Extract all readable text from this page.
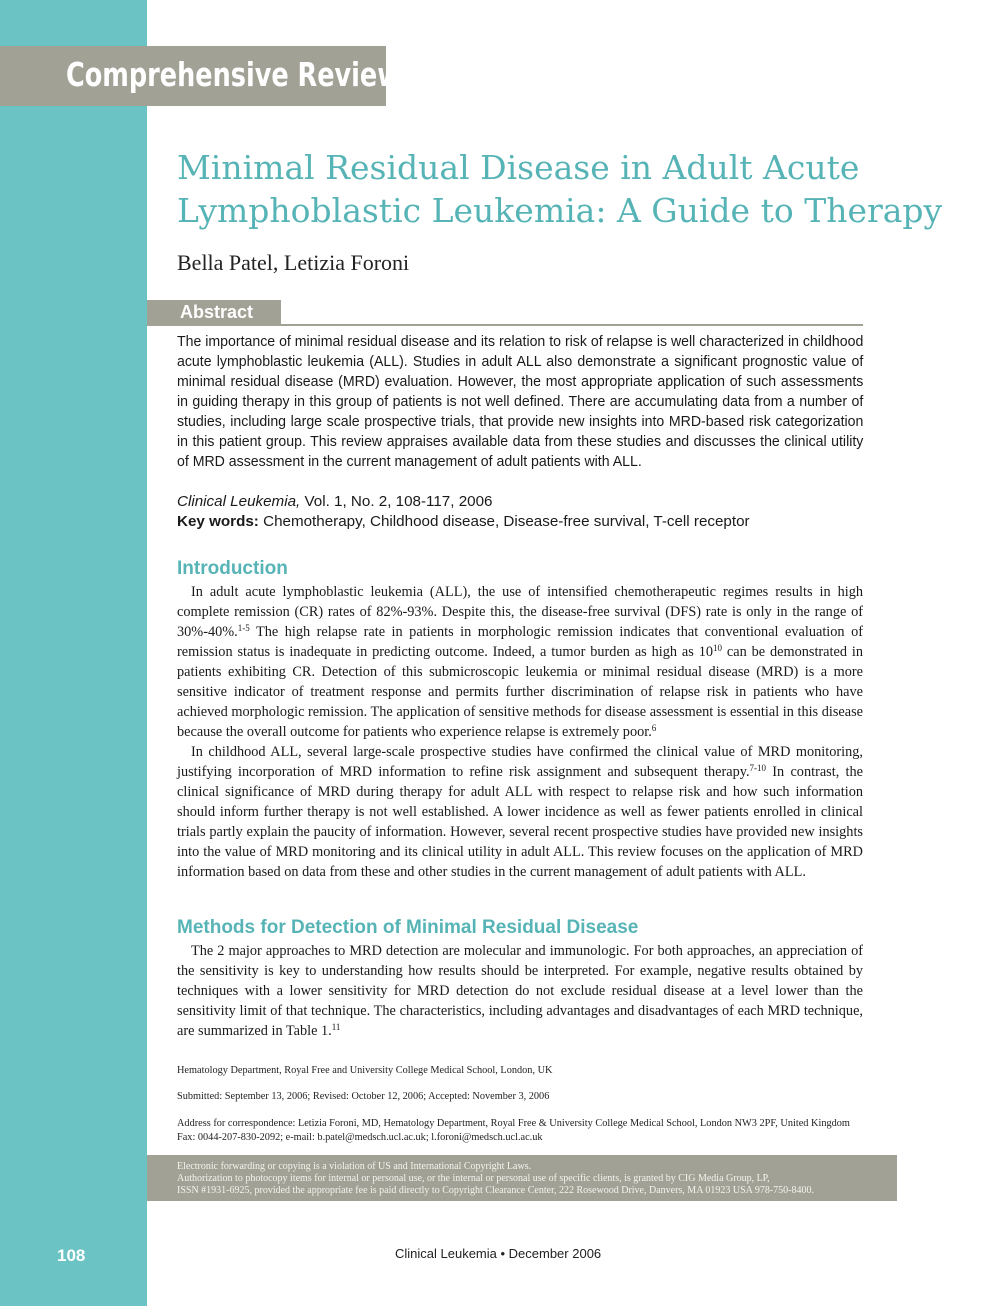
Comprehensive Review
Minimal Residual Disease in Adult Acute Lymphoblastic Leukemia: A Guide to Therapy
Bella Patel, Letizia Foroni
Abstract
The importance of minimal residual disease and its relation to risk of relapse is well characterized in childhood acute lymphoblastic leukemia (ALL). Studies in adult ALL also demonstrate a significant prognostic value of minimal residual disease (MRD) evaluation. However, the most appropriate application of such assessments in guiding therapy in this group of patients is not well defined. There are accumulating data from a number of studies, including large scale prospective trials, that provide new insights into MRD-based risk categorization in this patient group. This review appraises available data from these studies and discusses the clinical utility of MRD assessment in the current management of adult patients with ALL.
Clinical Leukemia, Vol. 1, No. 2, 108-117, 2006
Key words: Chemotherapy, Childhood disease, Disease-free survival, T-cell receptor
Introduction

In adult acute lymphoblastic leukemia (ALL), the use of intensified chemotherapeutic regimes results in high complete remission (CR) rates of 82%-93%. Despite this, the disease-free survival (DFS) rate is only in the range of 30%-40%.$^{1-5}$ The high relapse rate in patients in morphologic remission indicates that conventional evaluation of remission status is inadequate in predicting outcome. Indeed, a tumor burden as high as $10^{10}$ can be demonstrated in patients exhibiting CR. Detection of this submicroscopic leukemia or minimal residual disease (MRD) is a more sensitive indicator of treatment response and permits further discrimination of relapse risk in patients who have achieved morphologic remission. The application of sensitive methods for disease assessment is essential in this disease because the overall outcome for patients who experience relapse is extremely poor.$^6$

In childhood ALL, several large-scale prospective studies have confirmed the clinical value of MRD monitoring, justifying incorporation of MRD information to refine risk assignment and subsequent therapy.$^{7-10}$ In contrast, the clinical significance of MRD during therapy for adult ALL with respect to relapse risk and how such information should inform further therapy is not well established. A lower incidence as well as fewer patients enrolled in clinical trials partly explain the paucity of information. However, several recent prospective studies have provided new insights into the value of MRD monitoring and its clinical utility in adult ALL. This review focuses on the application of MRD information based on data from these and other studies in the current management of adult patients with ALL.

Methods for Detection of Minimal Residual Disease

The 2 major approaches to MRD detection are molecular and immunologic. For both approaches, an appreciation of the sensitivity is key to understanding how results should be interpreted. For example, negative results obtained by techniques with a lower sensitivity for MRD detection do not exclude residual disease at a level lower than the sensitivity limit of that technique. The characteristics, including advantages and disadvantages of each MRD technique, are summarized in Table 1.11

Hematology Department, Royal Free and University College Medical School, London, UK
Submitted: September 13, 2006; Revised: October 12, 2006; Accepted: November 3, 2006
Address for correspondence: Letizia Foroni, MD, Hematology Department, Royal Free & University College Medical School, London NW3 2PF, United Kingdom
Fax: 0044-207-830-2092; e-mail: b.patel@medsch.ucl.ac.uk; l.foroni@medsch.ucl.ac.uk
Electronic forwarding or copying is a violation of US and International Copyright Laws.
Authorization to photocopy items for internal or personal use, or the internal or personal use of specific clients, is granted by CIG Media Group, LP,
ISSN #1931-6925, provided the appropriate fee is paid directly to Copyright Clearance Center, 222 Rosewood Drive, Danvers, MA 01923 USA 978-750-8400.
108	Clinical Leukemia • December 2006
